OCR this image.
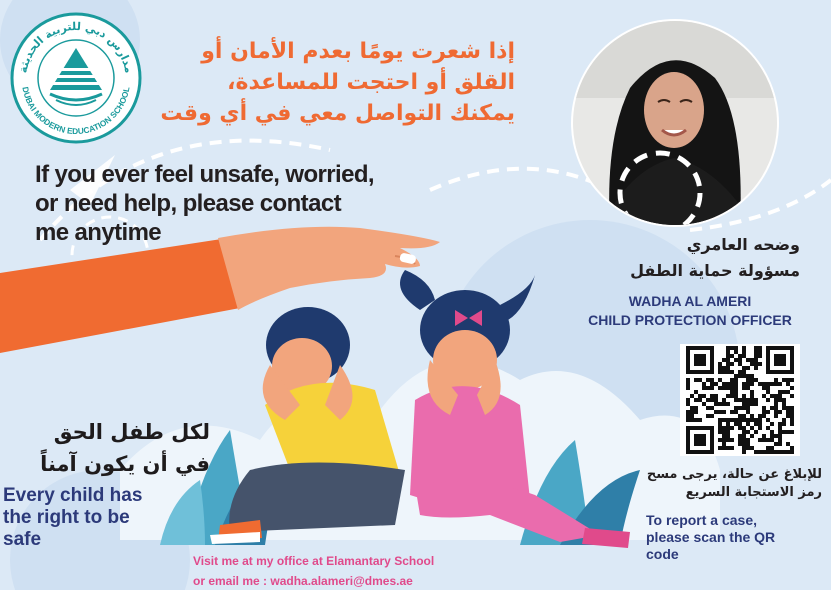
مدارس دبي للتربية الحديثة
DUBAI MODERN EDUCATION SCHOOL
إذا شعرت يومًا بعدم الأمان أو
القلق أو احتجت للمساعدة،
يمكنك التواصل معي في أي وقت
If you ever feel unsafe, worried,
or need help, please contact
me anytime	وضحه العامري
مسؤولة حماية الطفل
WADHA AL AMERI
CHILD PROTECTION OFFICER
لكل طفل الحق
في أن يكون آمناً
Every child has
the right to be
safe
للإبلاغ عن حالة، يرجى مسح
رمز الاستجابة السريع
To report a case,
please scan the QR
code
Visit me at my office at Elamantary School
or email me : wadha.alameri@dmes.ae
